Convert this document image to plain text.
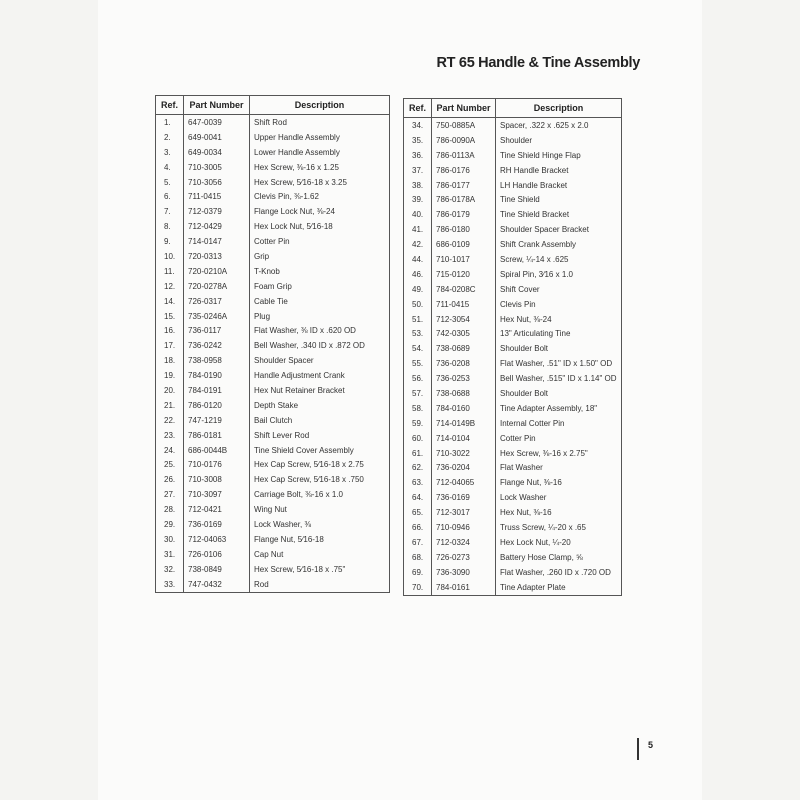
RT 65 Handle & Tine Assembly
Ref.	Part Number	Description
1.	647-0039	Shift Rod
2.	649-0041	Upper Handle Assembly
3.	649-0034	Lower Handle Assembly
4.	710-3005	Hex Screw, ⅜-16 x 1.25
5.	710-3056	Hex Screw, 5⁄16-18 x 3.25
6.	711-0415	Clevis Pin, ⅜-1.62
7.	712-0379	Flange Lock Nut, ⅜-24
8.	712-0429	Hex Lock Nut, 5⁄16-18
9.	714-0147	Cotter Pin
10.	720-0313	Grip
11.	720-0210A	T-Knob
12.	720-0278A	Foam Grip
14.	726-0317	Cable Tie
15.	735-0246A	Plug
16.	736-0117	Flat Washer, ⅜ ID x .620 OD
17.	736-0242	Bell Washer, .340 ID x .872 OD
18.	738-0958	Shoulder Spacer
19.	784-0190	Handle Adjustment Crank
20.	784-0191	Hex Nut Retainer Bracket
21.	786-0120	Depth Stake
22.	747-1219	Bail Clutch
23.	786-0181	Shift Lever Rod
24.	686-0044B	Tine Shield Cover Assembly
25.	710-0176	Hex Cap Screw, 5⁄16-18 x 2.75
26.	710-3008	Hex Cap Screw, 5⁄16-18 x .750
27.	710-3097	Carriage Bolt, ⅜-16 x 1.0
28.	712-0421	Wing Nut
29.	736-0169	Lock Washer, ⅜
30.	712-04063	Flange Nut, 5⁄16-18
31.	726-0106	Cap Nut
32.	738-0849	Hex Screw, 5⁄16-18 x .75"
33.	747-0432	Rod
Ref.	Part Number	Description
34.	750-0885A	Spacer, .322 x .625 x 2.0
35.	786-0090A	Shoulder
36.	786-0113A	Tine Shield Hinge Flap
37.	786-0176	RH Handle Bracket
38.	786-0177	LH Handle Bracket
39.	786-0178A	Tine Shield
40.	786-0179	Tine Shield Bracket
41.	786-0180	Shoulder Spacer Bracket
42.	686-0109	Shift Crank Assembly
44.	710-1017	Screw, ¼-14 x .625
46.	715-0120	Spiral Pin, 3⁄16 x 1.0
49.	784-0208C	Shift Cover
50.	711-0415	Clevis Pin
51.	712-3054	Hex Nut, ⅜-24
53.	742-0305	13" Articulating Tine
54.	738-0689	Shoulder Bolt
55.	736-0208	Flat Washer, .51" ID x 1.50" OD
56.	736-0253	Bell Washer, .515" ID x 1.14" OD
57.	738-0688	Shoulder Bolt
58.	784-0160	Tine Adapter Assembly, 18"
59.	714-0149B	Internal Cotter Pin
60.	714-0104	Cotter Pin
61.	710-3022	Hex Screw, ⅜-16 x 2.75"
62.	736-0204	Flat Washer
63.	712-04065	Flange Nut, ⅜-16
64.	736-0169	Lock Washer
65.	712-3017	Hex Nut, ⅜-16
66.	710-0946	Truss Screw, ¼-20 x .65
67.	712-0324	Hex Lock Nut, ¼-20
68.	726-0273	Battery Hose Clamp, ⅝
69.	736-3090	Flat Washer, .260 ID x .720 OD
70.	784-0161	Tine Adapter Plate
5
